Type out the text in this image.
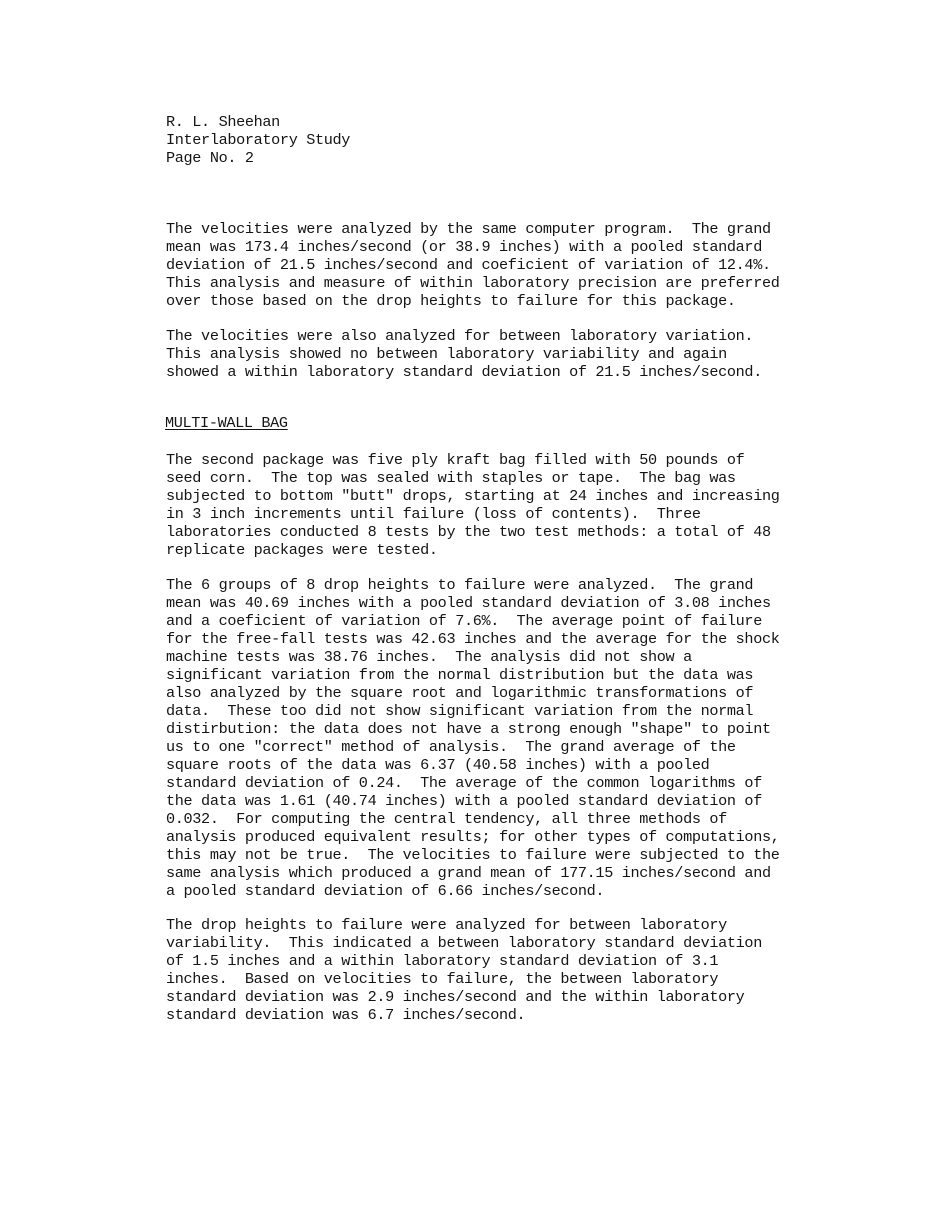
R. L. Sheehan
Interlaboratory Study
Page No. 2
The velocities were analyzed by the same computer program.  The grand
mean was 173.4 inches/second (or 38.9 inches) with a pooled standard
deviation of 21.5 inches/second and coeficient of variation of 12.4%.
This analysis and measure of within laboratory precision are preferred
over those based on the drop heights to failure for this package.
The velocities were also analyzed for between laboratory variation.
This analysis showed no between laboratory variability and again
showed a within laboratory standard deviation of 21.5 inches/second.
MULTI-WALL BAG
The second package was five ply kraft bag filled with 50 pounds of
seed corn.  The top was sealed with staples or tape.  The bag was
subjected to bottom "butt" drops, starting at 24 inches and increasing
in 3 inch increments until failure (loss of contents).  Three
laboratories conducted 8 tests by the two test methods: a total of 48
replicate packages were tested.
The 6 groups of 8 drop heights to failure were analyzed.  The grand
mean was 40.69 inches with a pooled standard deviation of 3.08 inches
and a coeficient of variation of 7.6%.  The average point of failure
for the free-fall tests was 42.63 inches and the average for the shock
machine tests was 38.76 inches.  The analysis did not show a
significant variation from the normal distribution but the data was
also analyzed by the square root and logarithmic transformations of
data.  These too did not show significant variation from the normal
distirbution: the data does not have a strong enough "shape" to point
us to one "correct" method of analysis.  The grand average of the
square roots of the data was 6.37 (40.58 inches) with a pooled
standard deviation of 0.24.  The average of the common logarithms of
the data was 1.61 (40.74 inches) with a pooled standard deviation of
0.032.  For computing the central tendency, all three methods of
analysis produced equivalent results; for other types of computations,
this may not be true.  The velocities to failure were subjected to the
same analysis which produced a grand mean of 177.15 inches/second and
a pooled standard deviation of 6.66 inches/second.
The drop heights to failure were analyzed for between laboratory
variability.  This indicated a between laboratory standard deviation
of 1.5 inches and a within laboratory standard deviation of 3.1
inches.  Based on velocities to failure, the between laboratory
standard deviation was 2.9 inches/second and the within laboratory
standard deviation was 6.7 inches/second.
